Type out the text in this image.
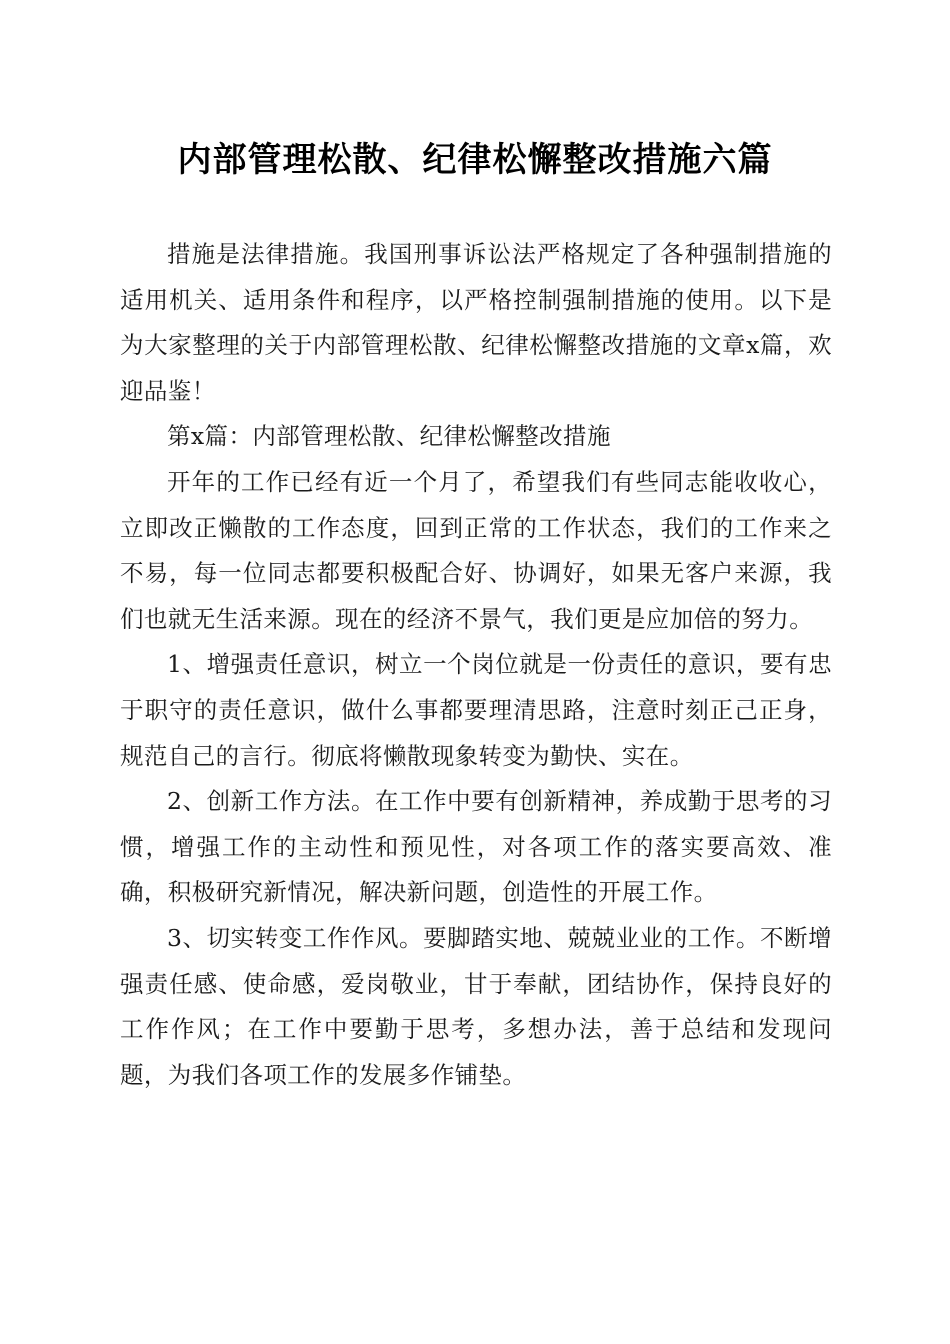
内部管理松散、纪律松懈整改措施六篇

措施是法律措施。我国刑事诉讼法严格规定了各种强制措施的适用机关、适用条件和程序，以严格控制强制措施的使用。以下是为大家整理的关于内部管理松散、纪律松懈整改措施的文章x篇，欢迎品鉴！

第x篇：内部管理松散、纪律松懈整改措施

开年的工作已经有近一个月了，希望我们有些同志能收收心，立即改正懒散的工作态度，回到正常的工作状态，我们的工作来之不易，每一位同志都要积极配合好、协调好，如果无客户来源，我们也就无生活来源。现在的经济不景气，我们更是应加倍的努力。

1、增强责任意识，树立一个岗位就是一份责任的意识，要有忠于职守的责任意识，做什么事都要理清思路，注意时刻正己正身，规范自己的言行。彻底将懒散现象转变为勤快、实在。

2、创新工作方法。在工作中要有创新精神，养成勤于思考的习惯，增强工作的主动性和预见性，对各项工作的落实要高效、准确，积极研究新情况，解决新问题，创造性的开展工作。

3、切实转变工作作风。要脚踏实地、兢兢业业的工作。不断增强责任感、使命感，爱岗敬业，甘于奉献，团结协作，保持良好的工作作风；在工作中要勤于思考，多想办法，善于总结和发现问题，为我们各项工作的发展多作铺垫。
